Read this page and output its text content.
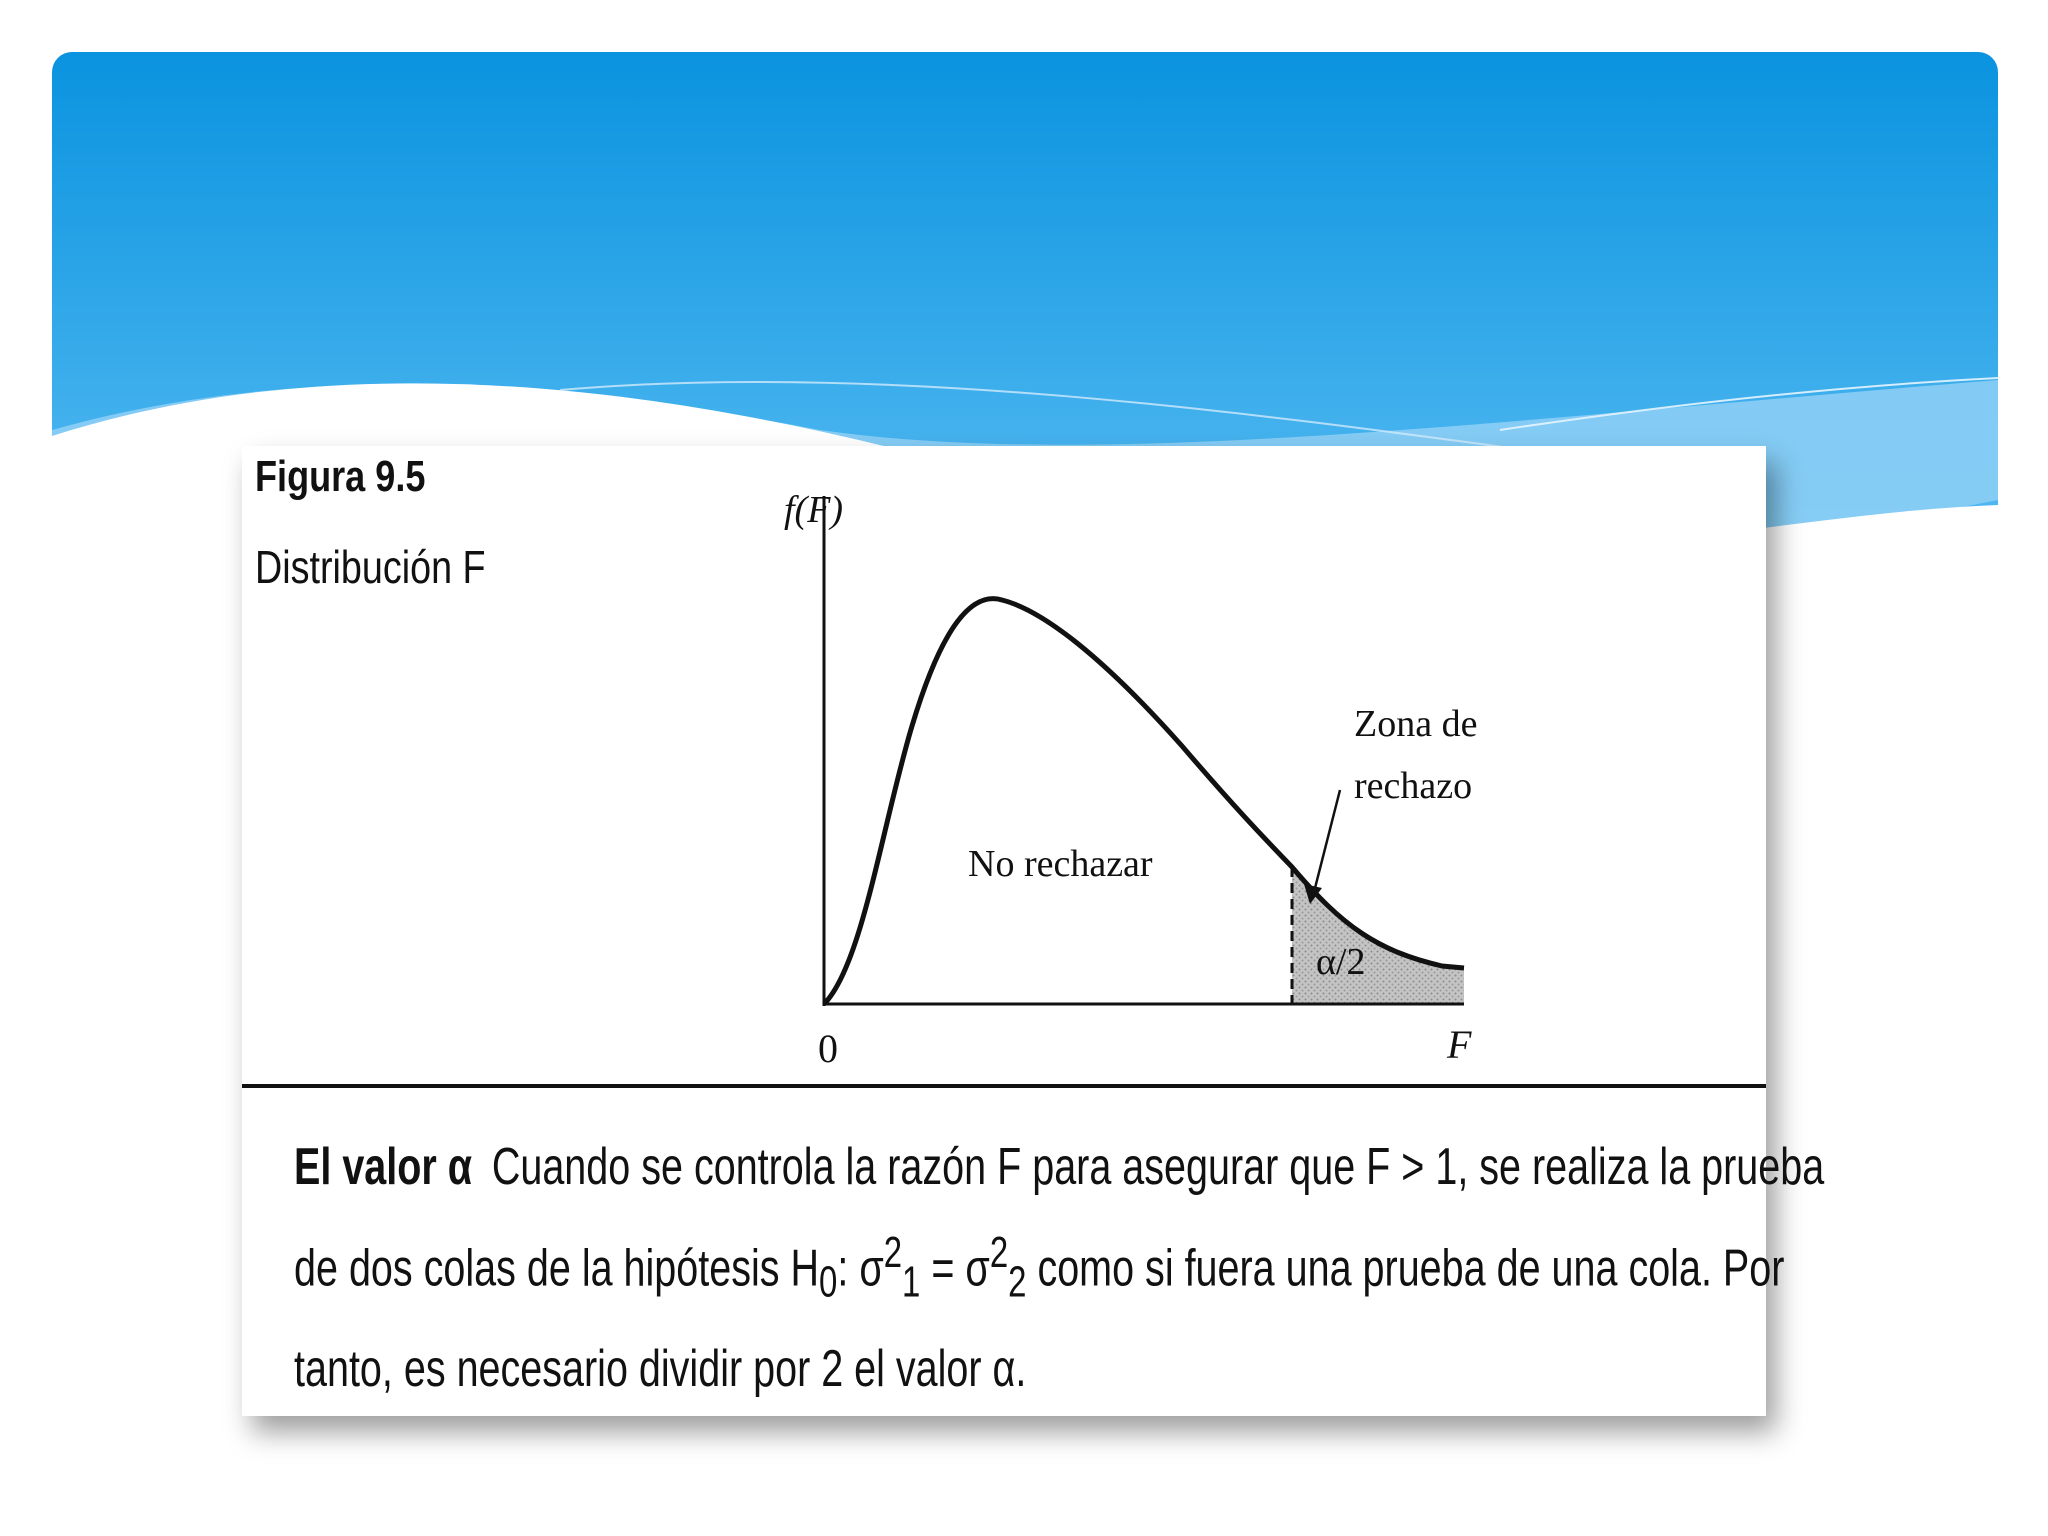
Figura 9.5
Distribución F
f(F)
F
0
No rechazar
Zona de
rechazo
α/2
El valor α Cuando se controla la razón F para asegurar que F > 1, se realiza la prueba
de dos colas de la hipótesis $H_0$: $\sigma^2_1 = \sigma^2_2$ como si fuera una prueba de una cola. Por
tanto, es necesario dividir por 2 el valor α.
